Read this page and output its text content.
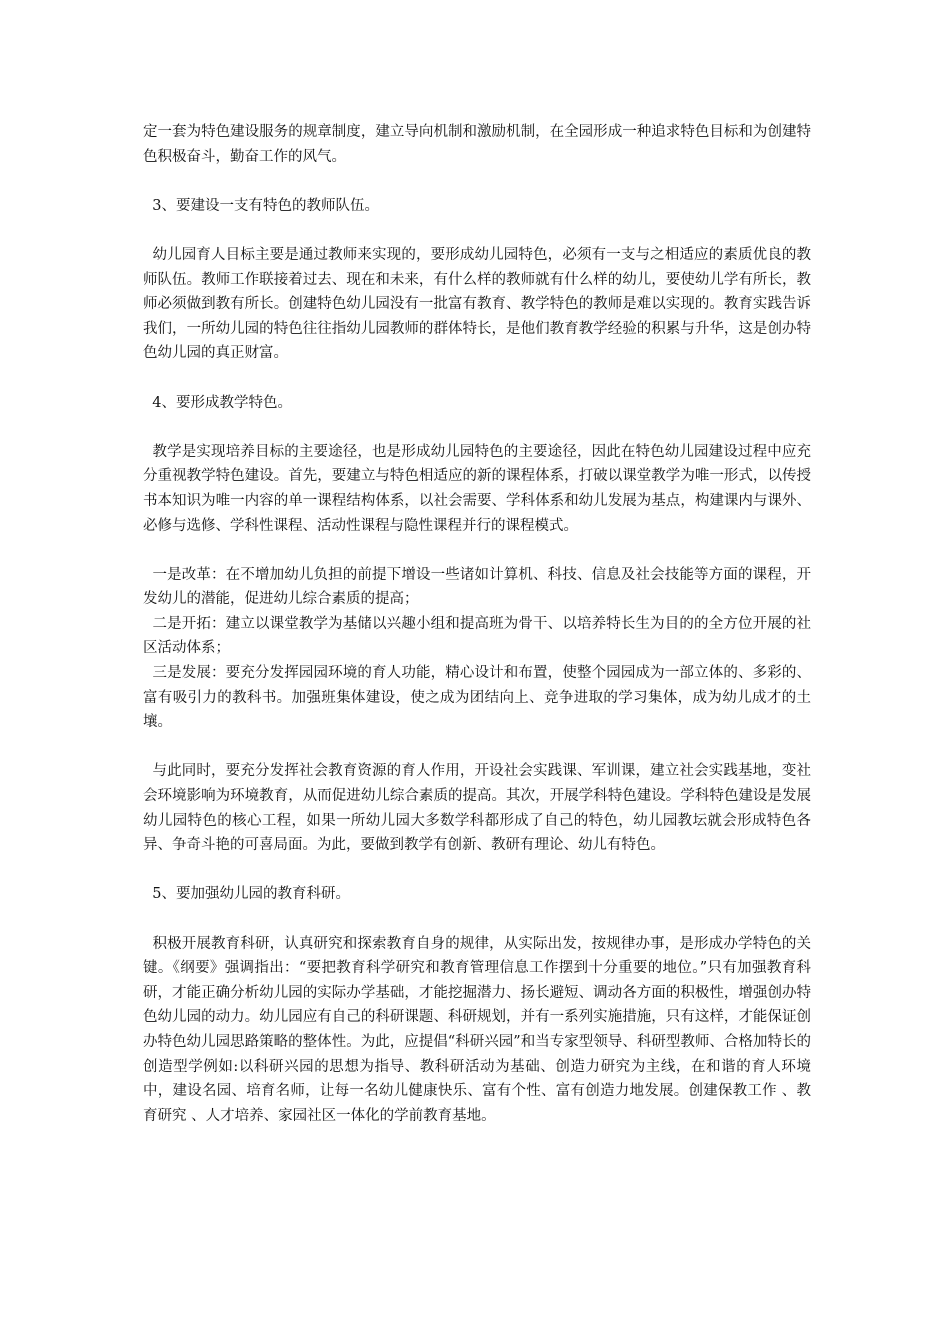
定一套为特色建设服务的规章制度，建立导向机制和激励机制，在全园形成一种追求特色目标和为创建特色积极奋斗，勤奋工作的风气。

3、要建设一支有特色的教师队伍。

幼儿园育人目标主要是通过教师来实现的，要形成幼儿园特色，必须有一支与之相适应的素质优良的教师队伍。教师工作联接着过去、现在和未来，有什么样的教师就有什么样的幼儿，要使幼儿学有所长，教师必须做到教有所长。创建特色幼儿园没有一批富有教育、教学特色的教师是难以实现的。教育实践告诉我们，一所幼儿园的特色往往指幼儿园教师的群体特长，是他们教育教学经验的积累与升华，这是创办特色幼儿园的真正财富。

4、要形成教学特色。

教学是实现培养目标的主要途径，也是形成幼儿园特色的主要途径，因此在特色幼儿园建设过程中应充分重视教学特色建设。首先，要建立与特色相适应的新的课程体系，打破以课堂教学为唯一形式，以传授书本知识为唯一内容的单一课程结构体系，以社会需要、学科体系和幼儿发展为基点，构建课内与课外、必修与选修、学科性课程、活动性课程与隐性课程并行的课程模式。

一是改革：在不增加幼儿负担的前提下增设一些诸如计算机、科技、信息及社会技能等方面的课程，开发幼儿的潜能，促进幼儿综合素质的提高；

二是开拓：建立以课堂教学为基储以兴趣小组和提高班为骨干、以培养特长生为目的的全方位开展的社区活动体系；

三是发展：要充分发挥园园环境的育人功能，精心设计和布置，使整个园园成为一部立体的、多彩的、富有吸引力的教科书。加强班集体建设，使之成为团结向上、竞争进取的学习集体，成为幼儿成才的土壤。

与此同时，要充分发挥社会教育资源的育人作用，开设社会实践课、军训课，建立社会实践基地，变社会环境影响为环境教育，从而促进幼儿综合素质的提高。其次，开展学科特色建设。学科特色建设是发展幼儿园特色的核心工程，如果一所幼儿园大多数学科都形成了自己的特色，幼儿园教坛就会形成特色各异、争奇斗艳的可喜局面。为此，要做到教学有创新、教研有理论、幼儿有特色。

5、要加强幼儿园的教育科研。

积极开展教育科研，认真研究和探索教育自身的规律，从实际出发，按规律办事，是形成办学特色的关键。《纲要》强调指出：“要把教育科学研究和教育管理信息工作摆到十分重要的地位。”只有加强教育科研，才能正确分析幼儿园的实际办学基础，才能挖掘潜力、扬长避短、调动各方面的积极性，增强创办特色幼儿园的动力。幼儿园应有自己的科研课题、科研规划，并有一系列实施措施，只有这样，才能保证创办特色幼儿园思路策略的整体性。为此，应提倡“科研兴园”和当专家型领导、科研型教师、合格加特长的创造型学例如:以科研兴园的思想为指导、教科研活动为基础、创造力研究为主线，在和谐的育人环境中，建设名园、培育名师，让每一名幼儿健康快乐、富有个性、富有创造力地发展。创建保教工作 、教育研究 、人才培养、家园社区一体化的学前教育基地。
